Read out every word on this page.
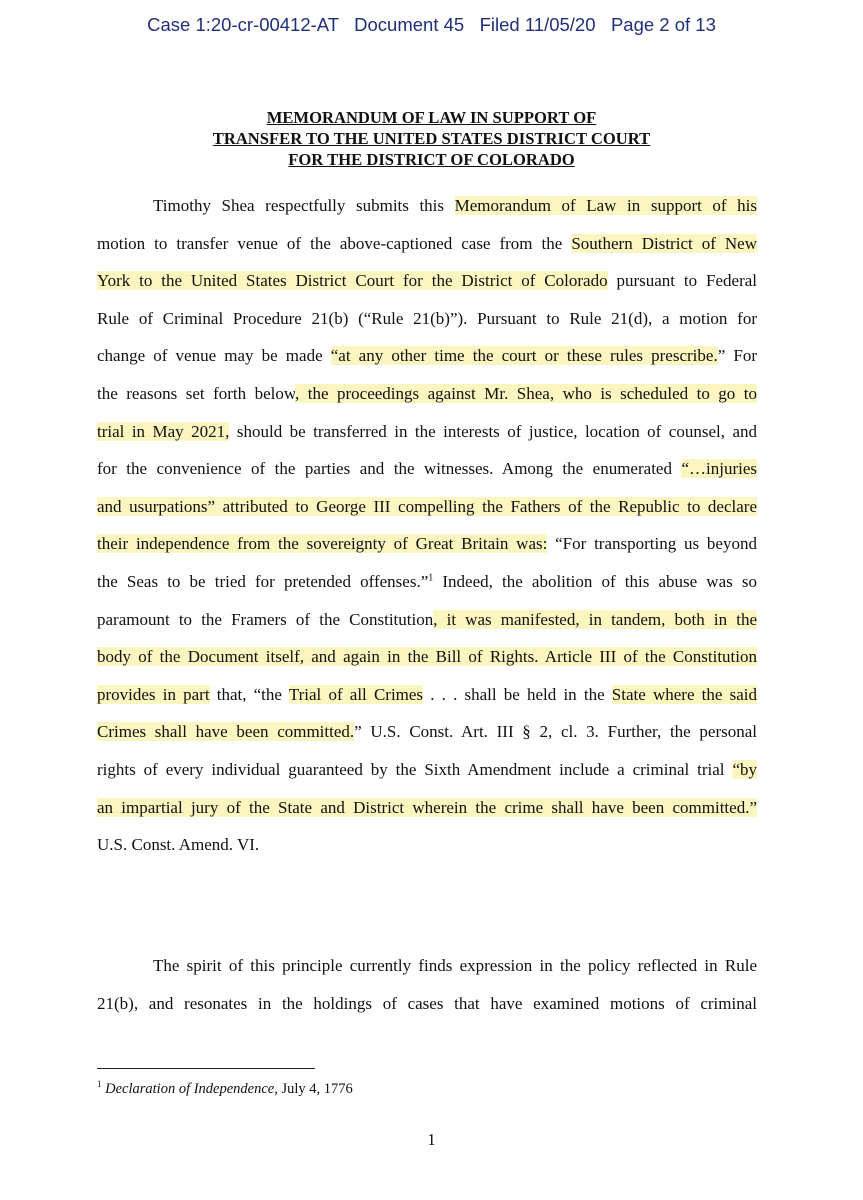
Case 1:20-cr-00412-AT Document 45 Filed 11/05/20 Page 2 of 13
MEMORANDUM OF LAW IN SUPPORT OF
TRANSFER TO THE UNITED STATES DISTRICT COURT
FOR THE DISTRICT OF COLORADO
Timothy Shea respectfully submits this Memorandum of Law in support of his
motion to transfer venue of the above-captioned case from the Southern District of New
York to the United States District Court for the District of Colorado pursuant to Federal
Rule of Criminal Procedure 21(b) (“Rule 21(b)”). Pursuant to Rule 21(d), a motion for
change of venue may be made “at any other time the court or these rules prescribe.” For
the reasons set forth below, the proceedings against Mr. Shea, who is scheduled to go to
trial in May 2021, should be transferred in the interests of justice, location of counsel, and
for the convenience of the parties and the witnesses. Among the enumerated “…injuries
and usurpations” attributed to George III compelling the Fathers of the Republic to declare
their independence from the sovereignty of Great Britain was: “For transporting us beyond
the Seas to be tried for pretended offenses.”$^1$ Indeed, the abolition of this abuse was so
paramount to the Framers of the Constitution, it was manifested, in tandem, both in the
body of the Document itself, and again in the Bill of Rights. Article III of the Constitution
provides in part that, “the Trial of all Crimes . . . shall be held in the State where the said
Crimes shall have been committed.” U.S. Const. Art. III § 2, cl. 3. Further, the personal
rights of every individual guaranteed by the Sixth Amendment include a criminal trial “by
an impartial jury of the State and District wherein the crime shall have been committed.”
U.S. Const. Amend. VI.
The spirit of this principle currently finds expression in the policy reflected in Rule
21(b), and resonates in the holdings of cases that have examined motions of criminal
$^1$ Declaration of Independence, July 4, 1776
1
